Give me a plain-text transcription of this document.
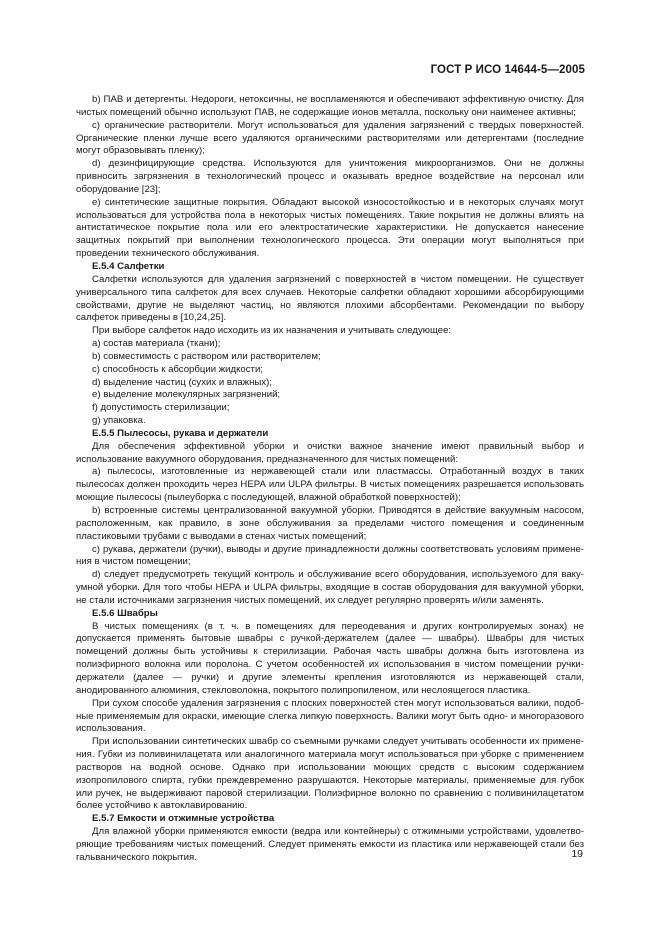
ГОСТ Р ИСО 14644-5—2005

b) ПАВ и детергенты. Недороги, нетоксичны, не воспламеняются и обеспечивают эффективную очистку. Для чистых помещений обычно используют ПАВ, не содержащие ионов металла, поскольку они наименее активны;

c) органические растворители. Могут использоваться для удаления загрязнений с твердых поверхностей. Органические пленки лучше всего удаляются органическими растворителями или детергентами (последние могут образовывать пленку);

d) дезинфицирующие средства. Используются для уничтожения микроорганизмов. Они не должны привносить загрязнения в технологический процесс и оказывать вредное воздействие на персонал или оборудование [23];

e) синтетические защитные покрытия. Обладают высокой износостойкостью и в некоторых случаях могут использоваться для устройства пола в некоторых чистых помещениях. Такие покрытия не должны влиять на антистатическое покрытие пола или его электростатические характеристики. Не допускается нанесение защитных покрытий при выполнении технологического процесса. Эти операции могут выполняться при проведении технического обслуживания.

Е.5.4 Салфетки

Салфетки используются для удаления загрязнений с поверхностей в чистом помещении. Не существует универсального типа салфеток для всех случаев. Некоторые салфетки обладают хорошими абсорбирующими свойствами, другие не выделяют частиц, но являются плохими абсорбентами. Рекомендации по выбору салфеток приведены в [10,24,25].

При выборе салфеток надо исходить из их назначения и учитывать следующее:

а) состав материала (ткани);

b) совместимость с раствором или растворителем;

c) способность к абсорбции жидкости;

d) выделение частиц (сухих и влажных);

e) выделение молекулярных загрязнений;

f) допустимость стерилизации;

g) упаковка.

Е.5.5 Пылесосы, рукава и держатели

Для обеспечения эффективной уборки и очистки важное значение имеют правильный выбор и использование вакуумного оборудования, предназначенного для чистых помещений:

а) пылесосы, изготовленные из нержавеющей стали или пластмассы. Отработанный воздух в таких пылесосах должен проходить через НЕРА или ULPA фильтры. В чистых помещениях разрешается использовать моющие пылесосы (пылеуборка с последующей, влажной обработкой поверхностей);

b) встроенные системы централизованной вакуумной уборки. Приводятся в действие вакуумным насосом, расположенным, как правило, в зоне обслуживания за пределами чистого помещения и соединенным пластиковыми трубами с выводами в стенах чистых помещений;

c) рукава, держатели (ручки), выводы и другие принадлежности должны соответствовать условиям применения в чистом помещении;

d) следует предусмотреть текущий контроль и обслуживание всего оборудования, используемого для вакуумной уборки. Для того чтобы НЕРА и ULPA фильтры, входящие в состав оборудования для вакуумной уборки, не стали источниками загрязнения чистых помещений, их следует регулярно проверять и/или заменять.

Е.5.6 Швабры

В чистых помещениях (в т. ч. в помещениях для переодевания и других контролируемых зонах) не допускается применять бытовые швабры с ручкой-держателем (далее — швабры). Швабры для чистых помещений должны быть устойчивы к стерилизации. Рабочая часть швабры должна быть изготовлена из полиэфирного волокна или поролона. С учетом особенностей их использования в чистом помещении ручки-держатели (далее — ручки) и другие элементы крепления изготовляются из нержавеющей стали, анодированного алюминия, стекловолокна, покрытого полипропиленом, или неслоящегося пластика.

При сухом способе удаления загрязнения с плоских поверхностей стен могут использоваться валики, подобные применяемым для окраски, имеющие слегка липкую поверхность. Валики могут быть одно- и многоразового использования.

При использовании синтетических швабр со съемными ручками следует учитывать особенности их применения. Губки из поливинилацетата или аналогичного материала могут использоваться при уборке с применением растворов на водной основе. Однако при использовании моющих средств с высоким содержанием изопропилового спирта, губки преждевременно разрушаются. Некоторые материалы, применяемые для губок или ручек, не выдерживают паровой стерилизации. Полиэфирное волокно по сравнению с поливинилацетатом более устойчиво к автоклавированию.

Е.5.7 Емкости и отжимные устройства

Для влажной уборки применяются емкости (ведра или контейнеры) с отжимными устройствами, удовлетворяющие требованиям чистых помещений. Следует применять емкости из пластика или нержавеющей стали без гальванического покрытия.	19
